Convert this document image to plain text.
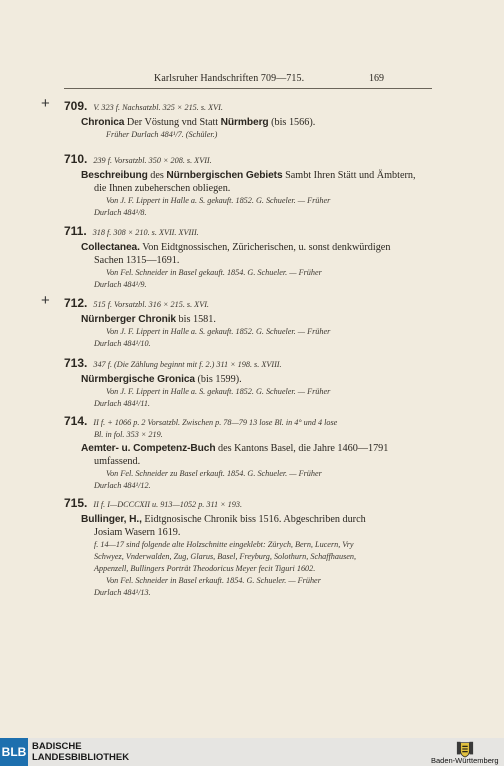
Karlsruher Handschriften 709—715.	169
+ 709. V. 323 f. Nachsatzbl. 325 × 215. s. XVI.
Chronica Der Vöstung vnd Statt Nürmberg (bis 1566).
Früher Durlach 484¹/7. (Schüler.)
710. 239 f. Vorsatzbl. 350 × 208. s. XVII.
Beschreibung des Nürnbergischen Gebiets Sambt Ihren Stätt und Ämbtern,
die Ihnen zubeherschen obliegen.
Von J. F. Lippert in Halle a. S. gekauft. 1852. G. Schueler. — Früher
Durlach 484¹/8.
711. 318 f. 308 × 210. s. XVII. XVIII.
Collectanea. Von Eidtgnossischen, Züricherischen, u. sonst denkwürdigen
Sachen 1315—1691.
Von Fel. Schneider in Basel gekauft. 1854. G. Schueler. — Früher
Durlach 484¹/9.
+ 712. 515 f. Vorsatzbl. 316 × 215. s. XVI.
Nürnberger Chronik bis 1581.
Von J. F. Lippert in Halle a. S. gekauft. 1852. G. Schueler. — Früher
Durlach 484¹/10.
713. 347 f. (Die Zählung beginnt mit f. 2.) 311 × 198. s. XVIII.
Nürmbergische Gronica (bis 1599).
Von J. F. Lippert in Halle a. S. gekauft. 1852. G. Schueler. — Früher
Durlach 484¹/11.
714. II f. + 1066 p. 2 Vorsatzbl. Zwischen p. 78—79 13 lose Bl. in 4° und 4 lose
Bl. in fol. 353 × 219.
Aemter- u. Competenz-Buch des Kantons Basel, die Jahre 1460—1791
umfassend.
Von Fel. Schneider zu Basel erkauft. 1854. G. Schueler. — Früher
Durlach 484¹/12.
715. II f. I—DCCCXII u. 913—1052 p. 311 × 193.
Bullinger, H., Eidtgnosische Chronik biss 1516. Abgeschriben durch
Josiam Wasern 1619.
f. 14—17 sind folgende alte Holzschnitte eingeklebt: Zürych, Bern, Lucern, Vry
Schwyez, Vnderwalden, Zug, Glarus, Basel, Freyburg, Solothurn, Schaffhausen,
Appenzell, Bullingers Porträt Theodoricus Meyer fecit Tiguri 1602.
Von Fel. Schneider in Basel erkauft. 1854. G. Schueler. — Früher
Durlach 484¹/13.
BLB BADISCHE
LANDESBIBLIOTHEK	Baden-Württemberg
